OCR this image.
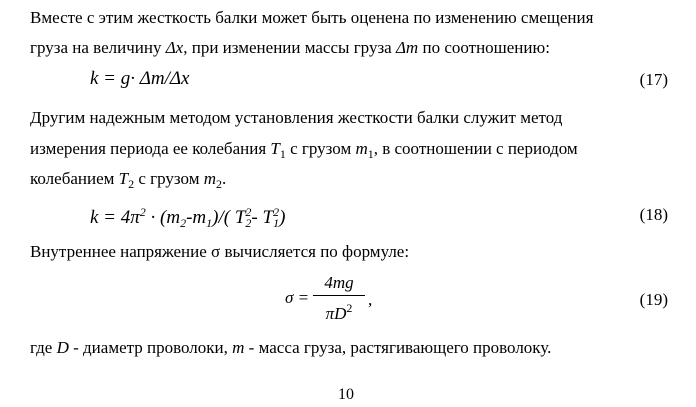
Вместе с этим жесткость балки может быть оценена по изменению смещения
груза на величину Δx, при изменении массы груза Δm по соотношению:
k = g· Δm/Δx	(17)
Другим надежным методом установления жесткости балки служит метод
измерения периода ее колебания $T_1$ с грузом $m_1$, в соотношении с периодом
колебанием $T_2$ с грузом $m_2$.
$k = 4\pi^2 \cdot (m_2-m_1)/$( $T_2^2-$ $T_1^2$)	(18)
Внутреннее напряжение σ вычисляется по формуле:
σ =
4mg
$\pi D^2$ ,	(19)
где D - диаметр проволоки, m - масса груза, растягивающего проволоку.
10
